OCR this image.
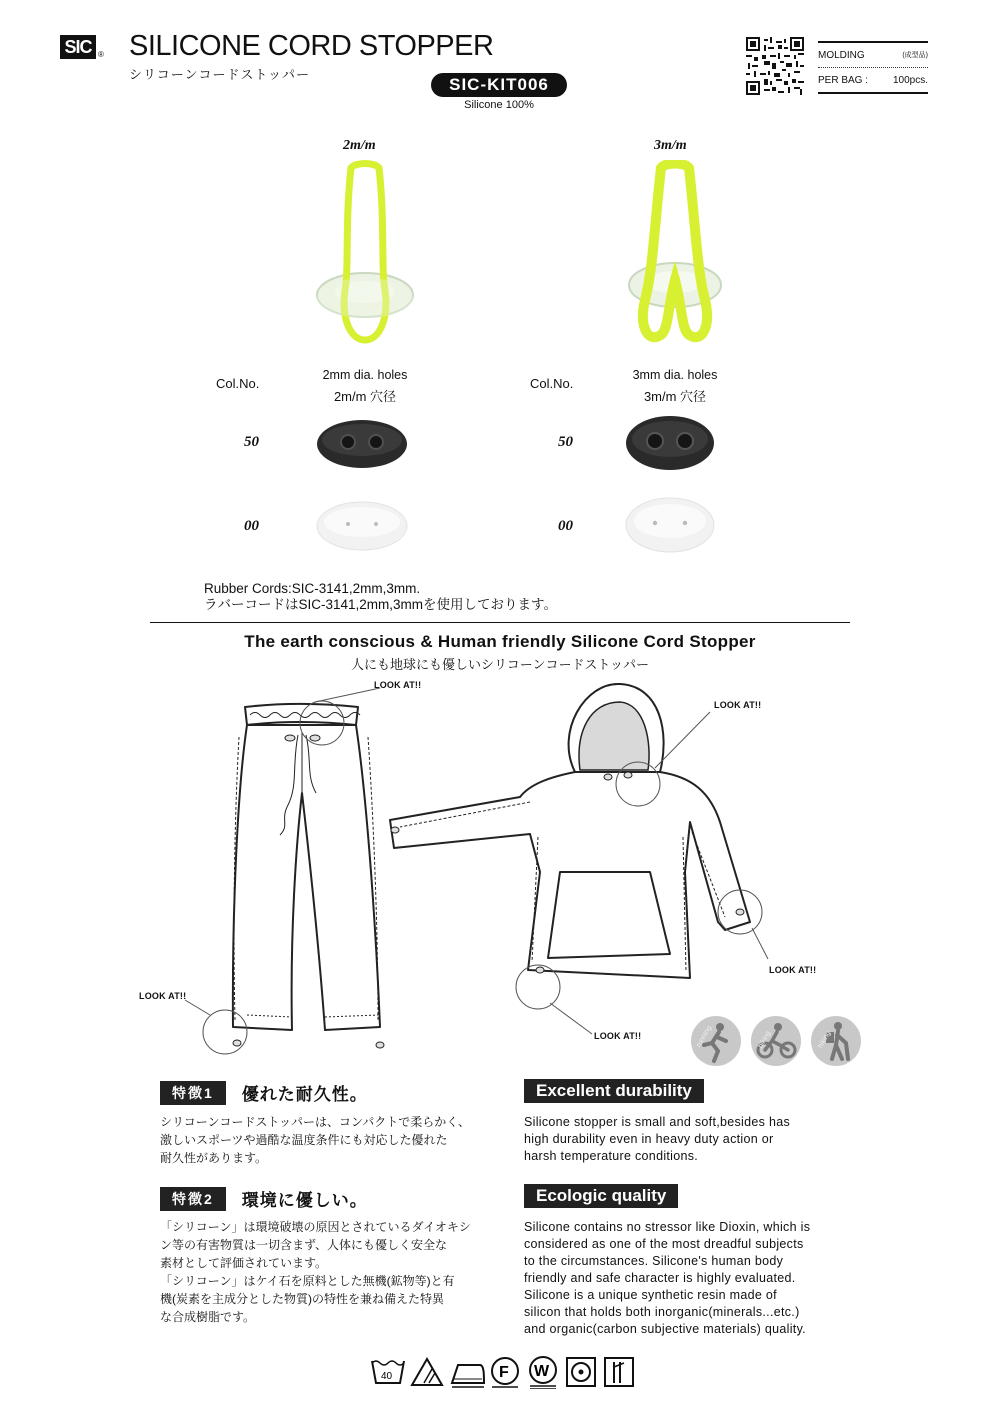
SIC ® SILICONE CORD STOPPER
シリコーンコードストッパー
SIC-KIT006
Silicone 100%
MOLDING	(成型品)
PER BAG : 100pcs.
2m/m
Col.No.
2mm dia. holes
2m/m 穴径
50
00
3m/m
Col.No.
3mm dia. holes
3m/m 穴径
50
00
Rubber Cords:SIC-3141,2mm,3mm.
ラバーコードはSIC-3141,2mm,3mmを使用しております。
The earth conscious & Human friendly Silicone Cord Stopper
人にも地球にも優しいシリコーンコードストッパー
LOOK AT!!
LOOK AT!!
LOOK AT!!
LOOK AT!!
LOOK AT!!	running	biking	hiking
特徴1	優れた耐久性。
シリコーンコードストッパーは、コンパクトで柔らかく、
激しいスポーツや過酷な温度条件にも対応した優れた
耐久性があります。
特徴2	環境に優しい。
「シリコーン」は環境破壊の原因とされているダイオキシ
ン等の有害物質は一切含まず、人体にも優しく安全な
素材として評価されています。
「シリコーン」はケイ石を原料とした無機(鉱物等)と有
機(炭素を主成分とした物質)の特性を兼ね備えた特異
な合成樹脂です。
Excellent durability
Silicone stopper is small and soft,besides has
high durability even in heavy duty action or
harsh temperature conditions.
Ecologic quality
Silicone contains no stressor like Dioxin, which is
considered as one of the most dreadful subjects
to the circumstances. Silicone's human body
friendly and safe character is highly evaluated.
Silicone is a unique synthetic resin made of
silicon that holds both inorganic(minerals...etc.)
and organic(carbon subjective materials) quality.
40	F W
